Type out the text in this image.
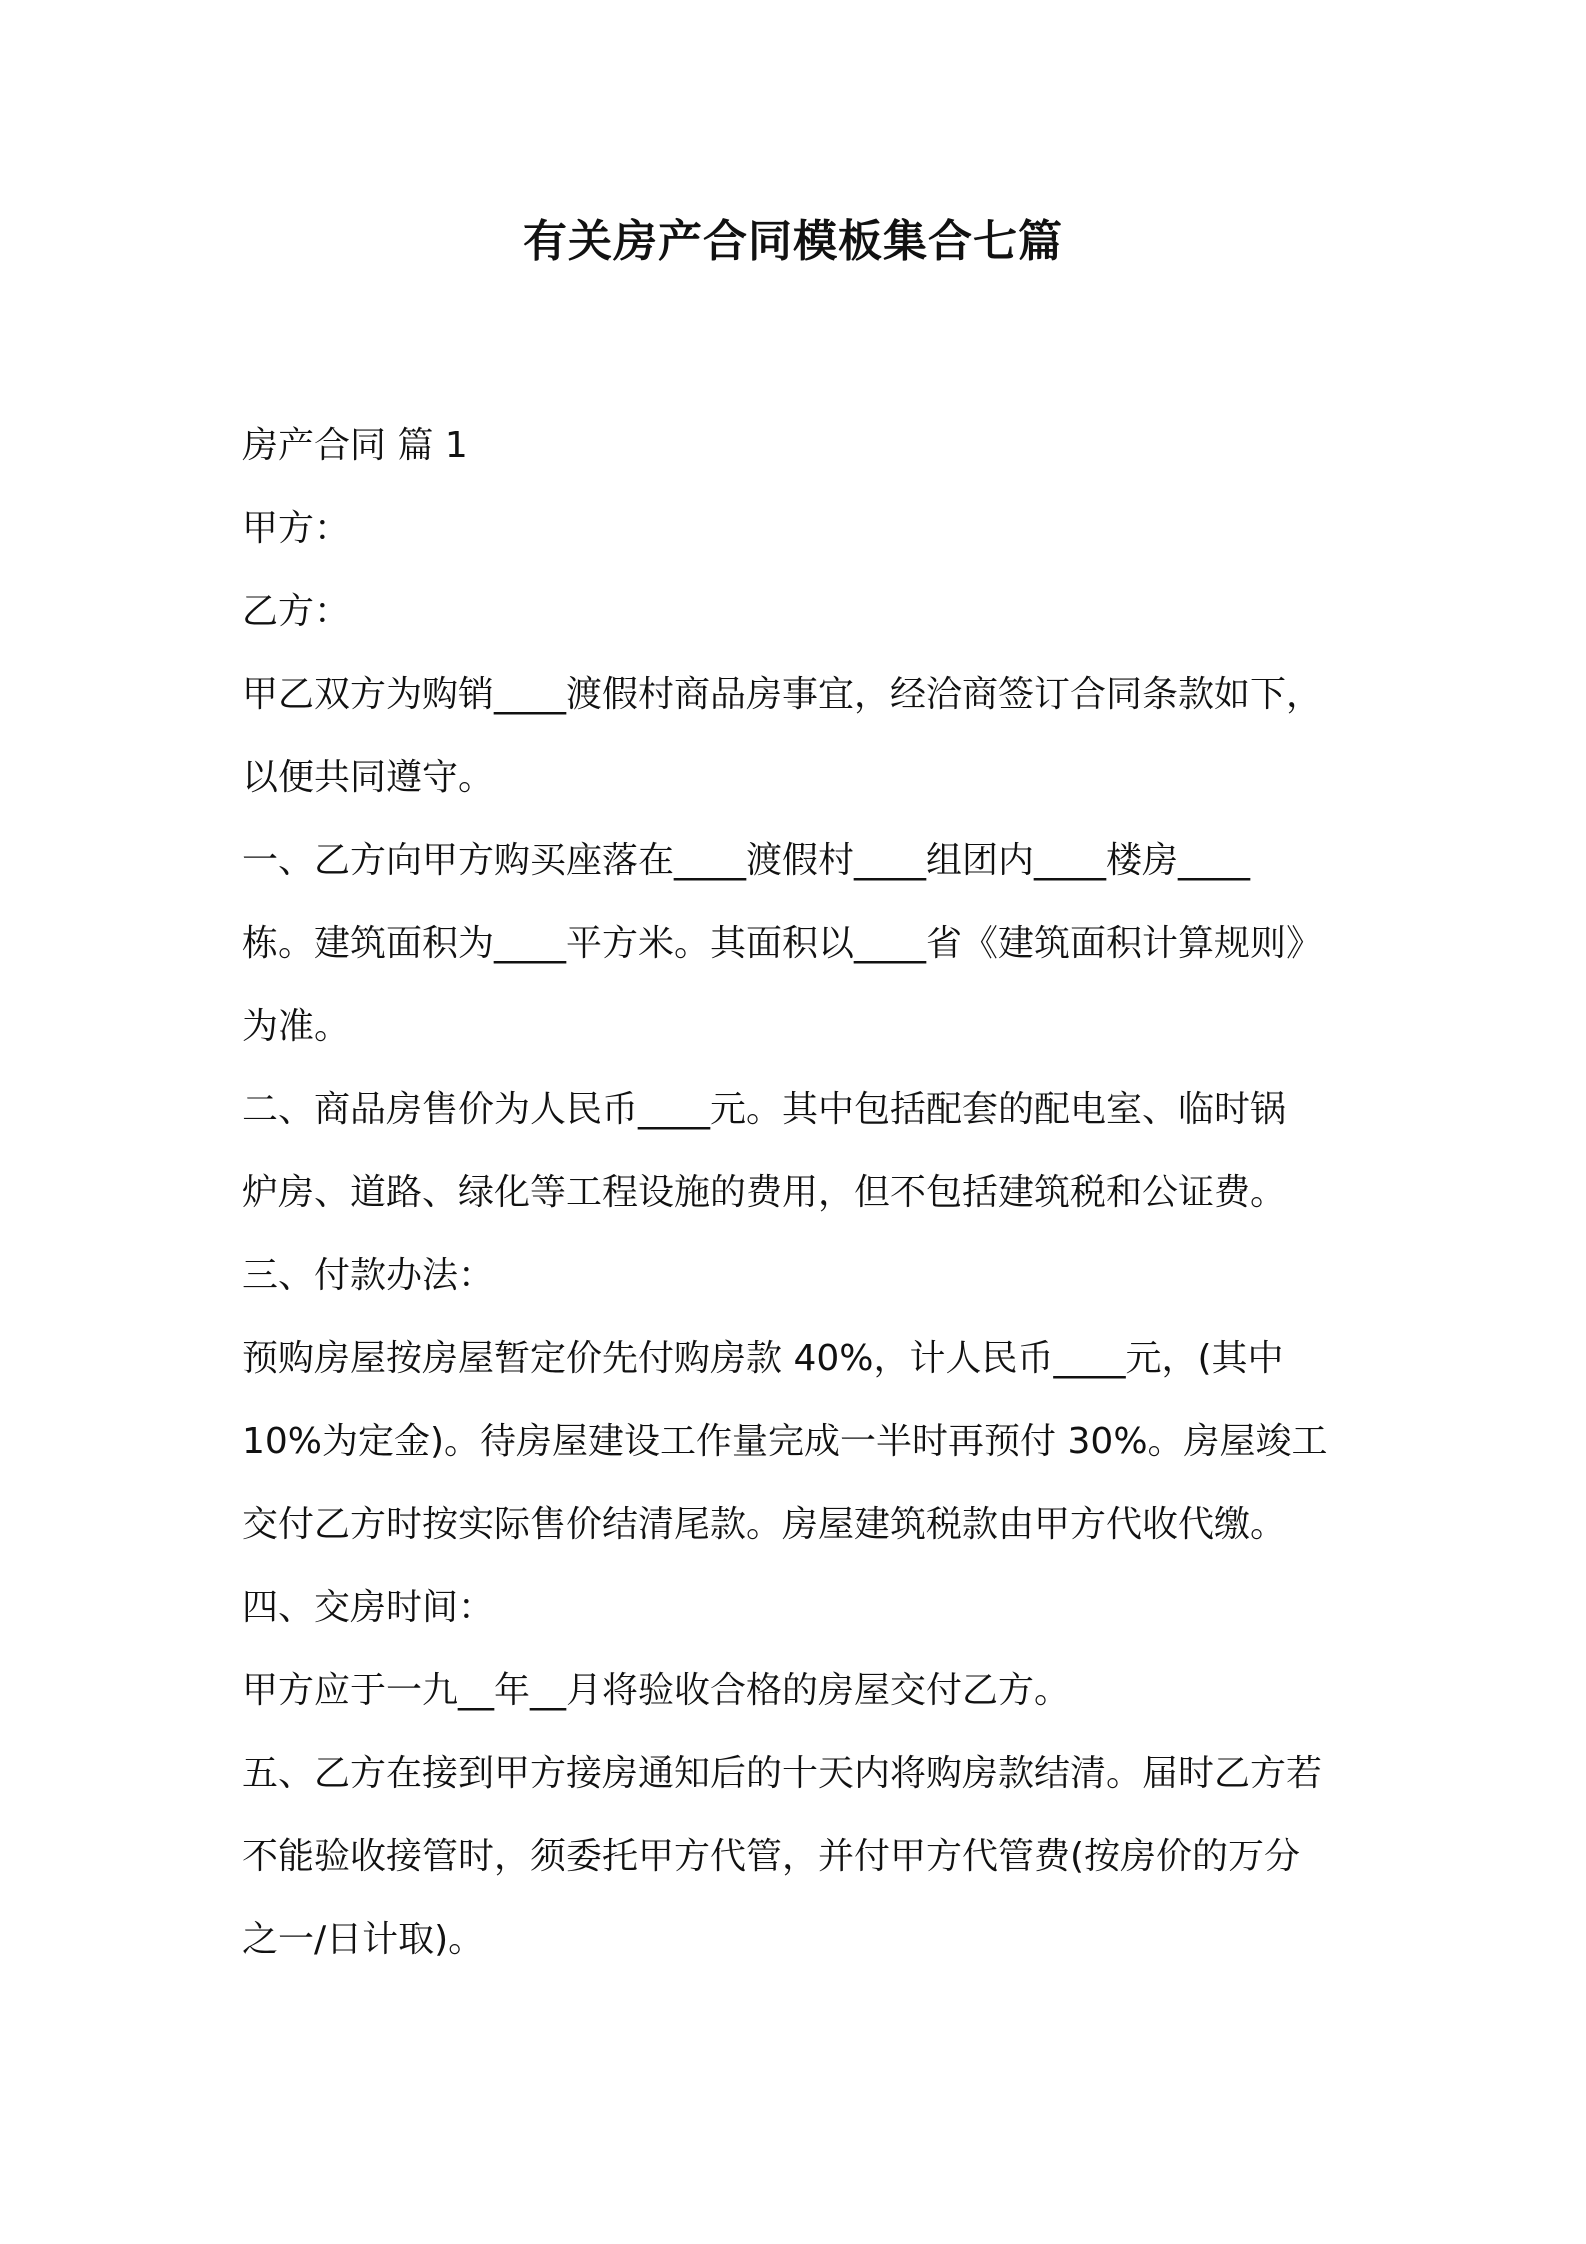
有关房产合同模板集合七篇
房产合同 篇 1
甲方：
乙方：
甲乙双方为购销____渡假村商品房事宜，经洽商签订合同条款如下，
以便共同遵守。
一、乙方向甲方购买座落在____渡假村____组团内____楼房____
栋。建筑面积为____平方米。其面积以____省《建筑面积计算规则》
为准。
二、商品房售价为人民币____元。其中包括配套的配电室、临时锅
炉房、道路、绿化等工程设施的费用，但不包括建筑税和公证费。
三、付款办法：
预购房屋按房屋暂定价先付购房款 40%，计人民币____元，(其中
10%为定金)。待房屋建设工作量完成一半时再预付 30%。房屋竣工
交付乙方时按实际售价结清尾款。房屋建筑税款由甲方代收代缴。
四、交房时间：
甲方应于一九__年__月将验收合格的房屋交付乙方。
五、乙方在接到甲方接房通知后的十天内将购房款结清。届时乙方若
不能验收接管时，须委托甲方代管，并付甲方代管费(按房价的万分
之一/日计取)。
